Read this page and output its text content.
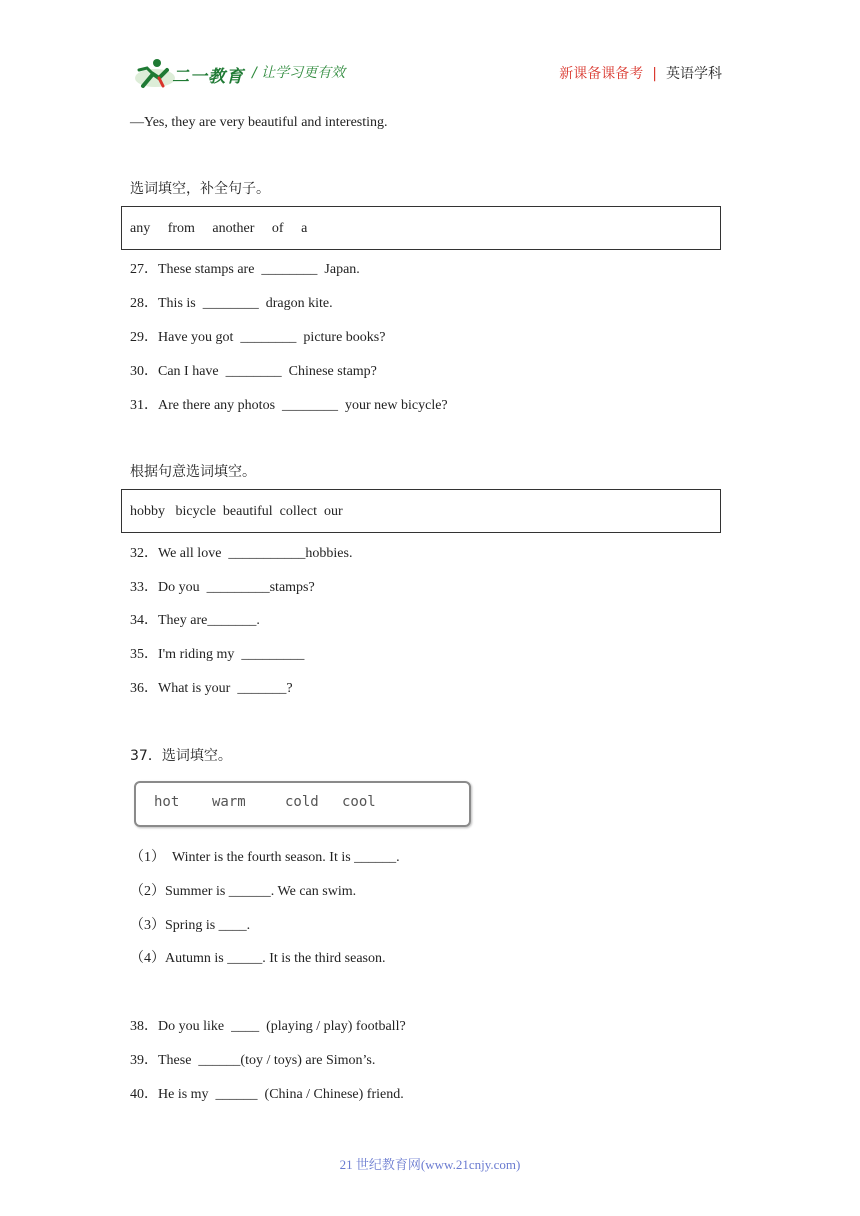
二一教育 / 让学习更有效	新课备课备考 | 英语学科
—Yes, they are very beautiful and interesting.
选词填空，补全句子。
any     from     another     of     a
27．These stamps are  ________  Japan.
28．This is  ________  dragon kite.
29．Have you got  ________  picture books?
30．Can I have  ________  Chinese stamp?
31．Are there any photos  ________  your new bicycle?
根据句意选词填空。
hobby   bicycle  beautiful  collect  our
32．We all love  ___________hobbies.
33．Do you  _________stamps?
34．They are_______.
35．I'm riding my  _________
36．What is your  _______?
37．选词填空。
hot warm	cold cool
（1）  Winter is the fourth season. It is ______.
（2）Summer is ______. We can swim.
（3）Spring is ____.
（4）Autumn is _____. It is the third season.
38．Do you like  ____  (playing / play) football?
39．These  ______(toy / toys) are Simon’s.
40．He is my  ______  (China / Chinese) friend.
21 世纪教育网(www.21cnjy.com)
